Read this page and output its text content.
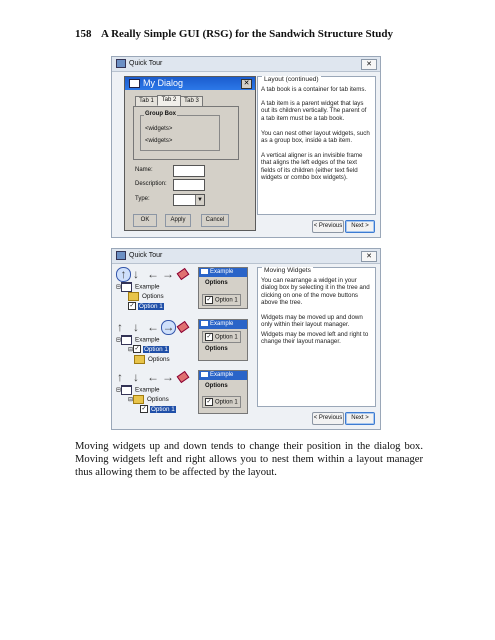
158 A Really Simple GUI (RSG) for the Sandwich Structure Study
Quick Tour	✕
My Dialog	✕
Tab 1	Tab 2	Tab 3
Group Box
<widgets>
<widgets>
Name:
Description:
Type:	▼
OK	Apply	Cancel
Layout (continued)
A tab book is a container for tab items.
A tab item is a parent widget that lays out its children vertically. The parent of a tab item must be a tab book.
You can nest other layout widgets, such as a group box, inside a tab item.
A vertical aligner is an invisible frame that aligns the left edges of the text fields of its children (either text field widgets or combo box widgets).
< Previous	Next >
Quick Tour	✕
↑ ↓ ← →
⊟ Example
Options
✓ Option 1
Example
Options
✓ Option 1
↑ ↓ ← →
⊟ Example
⊟✓ Option 1
Options
Example
✓ Option 1
Options
↑ ↓ ← →
⊟ Example
⊟ Options
✓ Option 1
Example
Options
✓ Option 1
Moving Widgets
You can rearrange a widget in your dialog box by selecting it in the tree and clicking on one of the move buttons above the tree.
Widgets may be moved up and down only within their layout manager.
Widgets may be moved left and right to change their layout manager.
< Previous	Next >
Moving widgets up and down tends to change their position in the dialog box. Moving widgets left and right allows you to nest them within a layout manager thus allowing them to be affected by the layout.
